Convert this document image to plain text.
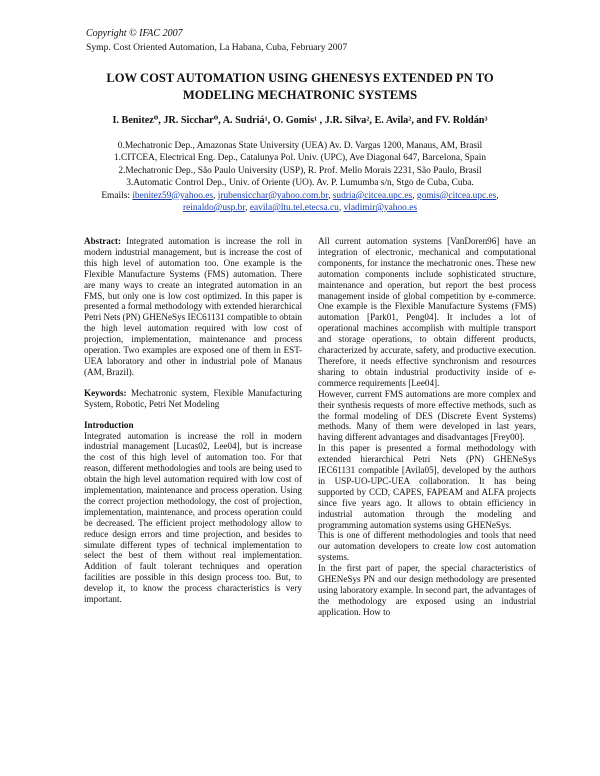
Copyright © IFAC 2007
Symp. Cost Oriented Automation, La Habana, Cuba, February 2007
LOW COST AUTOMATION USING GHENESYS EXTENDED PN TO
MODELING MECHATRONIC SYSTEMS
I. Benitez⁰, JR. Sicchar⁰, A. Sudriá¹, O. Gomis¹ , J.R. Silva², E. Avila², and FV. Roldán³
0.Mechatronic Dep., Amazonas State University (UEA) Av. D. Vargas 1200, Manaus, AM, Brasil
1.CITCEA, Electrical Eng. Dep., Catalunya Pol. Univ. (UPC), Ave Diagonal 647, Barcelona, Spain
2.Mechatronic Dep., São Paulo University (USP), R. Prof. Mello Morais 2231, São Paulo, Brasil
3.Automatic Control Dep., Univ. of Oriente (UO). Av. P. Lumumba s/n, Stgo de Cuba, Cuba.
Emails: ibenitez59@yahoo.es, jrubensicchar@yahoo.com.br, sudria@citcea.upc.es, gomis@citcea.upc.es,
reinaldo@usp.br, eavila@ltu.tel.etecsa.cu, vladimir@yahoo.es

Abstract: Integrated automation is increase the roll in modern industrial management, but is increase the cost of this high level of automation too. One example is the Flexible Manufacture Systems (FMS) automation. There are many ways to create an integrated automation in an FMS, but only one is low cost optimized. In this paper is presented a formal methodology with extended hierarchical Petri Nets (PN) GHENeSys IEC61131 compatible to obtain the high level automation required with low cost of projection, implementation, maintenance and process operation. Two examples are exposed one of them in EST-UEA laboratory and other in industrial pole of Manaus (AM, Brazil).

Keywords: Mechatronic system, Flexible Manufacturing System, Robotic, Petri Net Modeling

Introduction

Integrated automation is increase the roll in modern industrial management [Lucas02, Lee04], but is increase the cost of this high level of automation too. For that reason, different methodologies and tools are being used to obtain the high level automation required with low cost of implementation, maintenance and process operation. Using the correct projection methodology, the cost of projection, implementation, maintenance, and process operation could be decreased. The efficient project methodology allow to reduce design errors and time projection, and besides to simulate different types of technical implementation to select the best of them without real implementation. Addition of fault tolerant techniques and operation facilities are possible in this design process too. But, to develop it, to know the process characteristics is very important.

All current automation systems [VanDoren96] have an integration of electronic, mechanical and computational components, for instance the mechatronic ones. These new automation components include sophisticated structure, maintenance and operation, but report the best process management inside of global competition by e-commerce. One example is the Flexible Manufacture Systems (FMS) automation [Park01, Peng04]. It includes a lot of operational machines accomplish with multiple transport and storage operations, to obtain different products, characterized by accurate, safety, and productive execution. Therefore, it needs effective synchronism and resources sharing to obtain industrial productivity inside of e-commerce requirements [Lee04].

However, current FMS automations are more complex and their synthesis requests of more effective methods, such as the formal modeling of DES (Discrete Event Systems) methods. Many of them were developed in last years, having different advantages and disadvantages [Frey00].

In this paper is presented a formal methodology with extended hierarchical Petri Nets (PN) GHENeSys IEC61131 compatible [Avila05], developed by the authors in USP-UO-UPC-UEA collaboration. It has being supported by CCD, CAPES, FAPEAM and ALFA projects since five years ago. It allows to obtain efficiency in industrial automation through the modeling and programming automation systems using GHENeSys.

This is one of different methodologies and tools that need our automation developers to create low cost automation systems.

In the first part of paper, the special characteristics of GHENeSys PN and our design methodology are presented using laboratory example. In second part, the advantages of the methodology are exposed using an industrial application. How to
